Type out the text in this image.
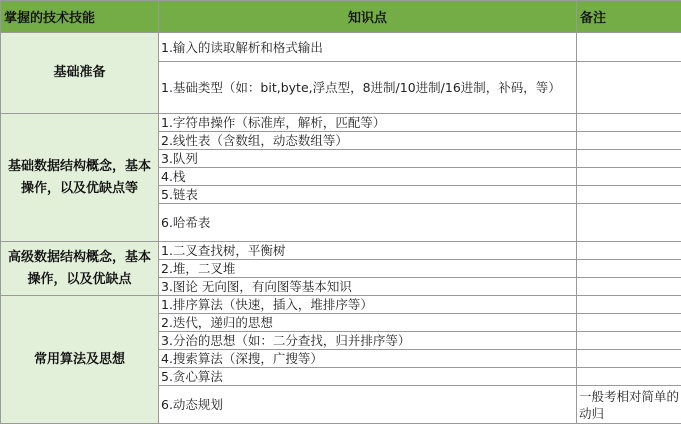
掌握的技术技能	知识点	备注
基础准备	1.输入的读取解析和格式输出	
	1.基础类型（如：bit,byte,浮点型，8进制/10进制/16进制，补码，等）	
基础数据结构概念，基本操作，以及优缺点等	1.字符串操作（标准库，解析，匹配等）	
	2.线性表（含数组，动态数组等）	
	3.队列	
	4.栈	
	5.链表	
	6.哈希表	
高级数据结构概念，基本操作，以及优缺点	1.二叉查找树，平衡树	
	2.堆，二叉堆	
	3.图论 无向图，有向图等基本知识	
常用算法及思想	1.排序算法（快速，插入，堆排序等）	
	2.迭代，递归的思想	
	3.分治的思想（如：二分查找，归并排序等）	
	4.搜索算法（深搜，广搜等）	
	5.贪心算法	
	6.动态规划	一般考相对简单的动归
